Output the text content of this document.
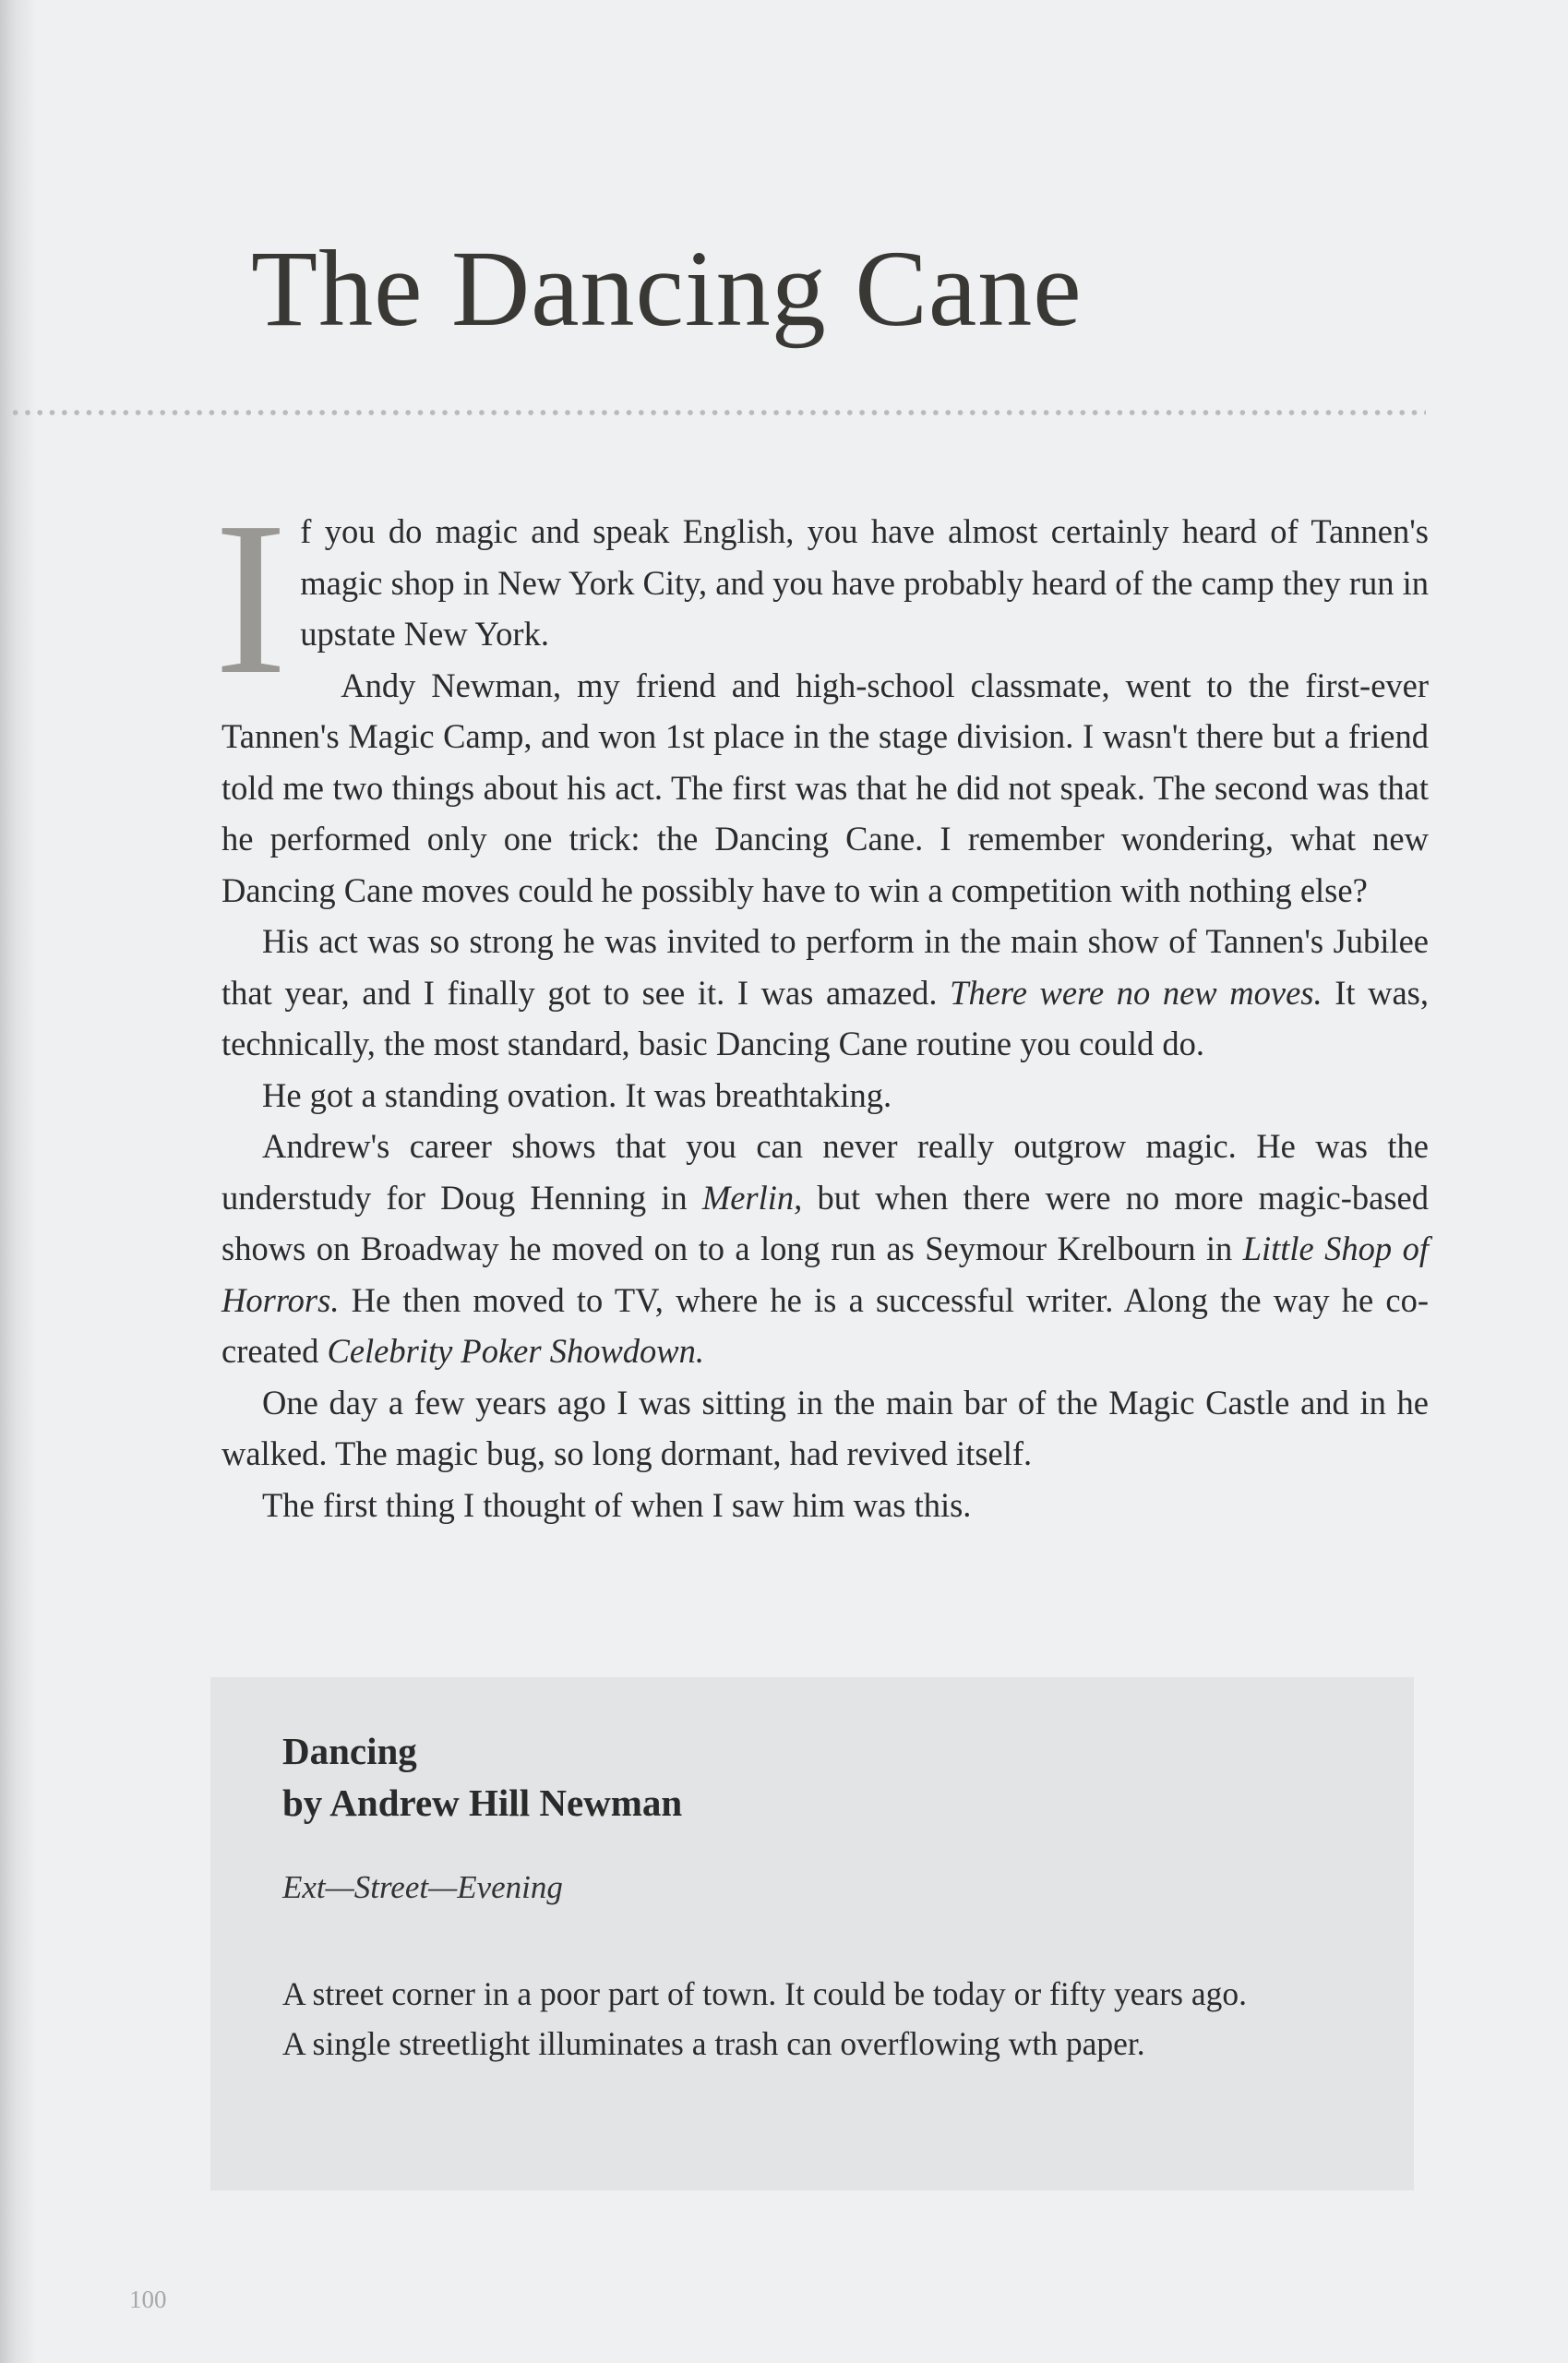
The Dancing Cane

If you do magic and speak English, you have almost certainly heard of Tannen's magic shop in New York City, and you have probably heard of the camp they run in upstate New York.

Andy Newman, my friend and high-school classmate, went to the first-ever Tannen's Magic Camp, and won 1st place in the stage division. I wasn't there but a friend told me two things about his act. The first was that he did not speak. The second was that he performed only one trick: the Dancing Cane. I remember wondering, what new Dancing Cane moves could he possibly have to win a competition with nothing else?

His act was so strong he was invited to perform in the main show of Tannen's Jubilee that year, and I finally got to see it. I was amazed. There were no new moves. It was, technically, the most standard, basic Dancing Cane routine you could do.

He got a standing ovation. It was breathtaking.

Andrew's career shows that you can never really outgrow magic. He was the understudy for Doug Henning in Merlin, but when there were no more magic-based shows on Broadway he moved on to a long run as Seymour Krelbourn in Little Shop of Horrors. He then moved to TV, where he is a successful writer. Along the way he co-created Celebrity Poker Showdown.

One day a few years ago I was sitting in the main bar of the Magic Castle and in he walked. The magic bug, so long dormant, had revived itself.

The first thing I thought of when I saw him was this.

Dancing
by Andrew Hill Newman
Ext—Street—Evening

A street corner in a poor part of town. It could be today or fifty years ago.

A single streetlight illuminates a trash can overflowing wth paper.

100
